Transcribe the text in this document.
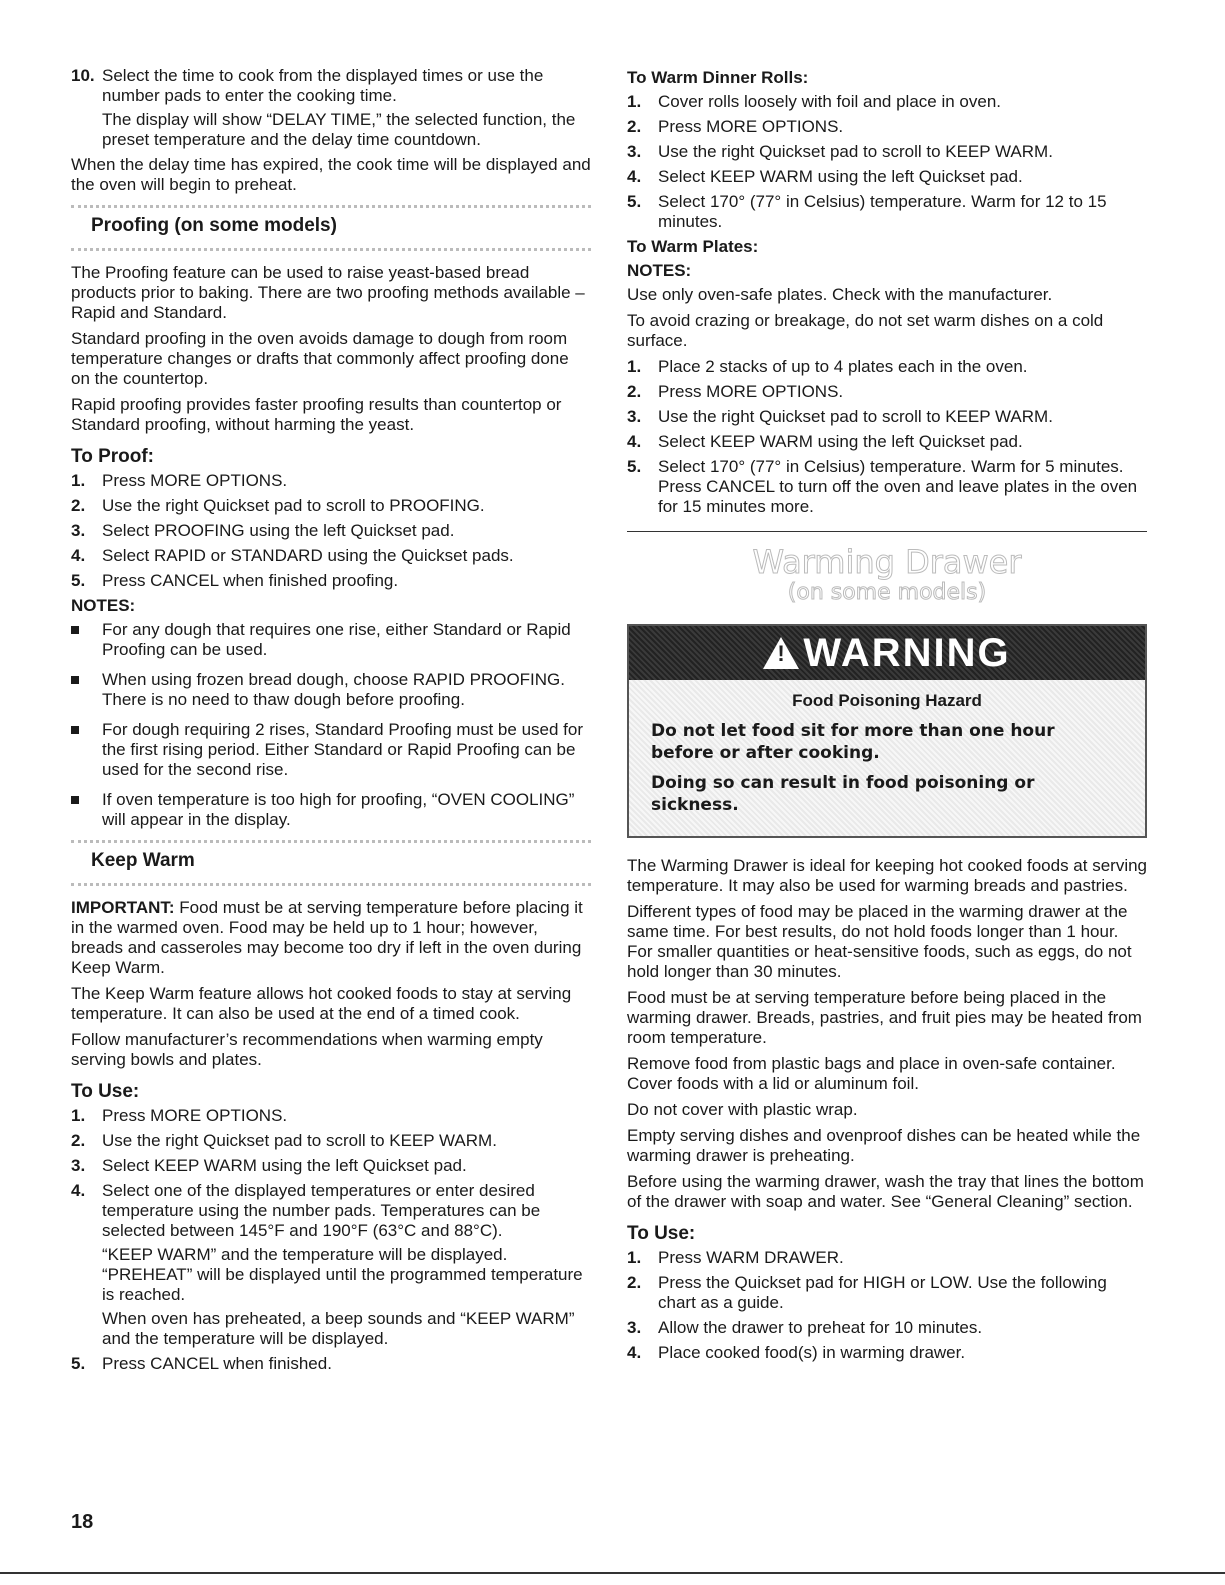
10. Select the time to cook from the displayed times or use the number pads to enter the cooking time.

The display will show “DELAY TIME,” the selected function, the preset temperature and the delay time countdown.

When the delay time has expired, the cook time will be displayed and the oven will begin to preheat.

Proofing (on some models)

The Proofing feature can be used to raise yeast-based bread products prior to baking. There are two proofing methods available – Rapid and Standard.

Standard proofing in the oven avoids damage to dough from room temperature changes or drafts that commonly affect proofing done on the countertop.

Rapid proofing provides faster proofing results than countertop or Standard proofing, without harming the yeast.

To Proof:
1. Press MORE OPTIONS.
2. Use the right Quickset pad to scroll to PROOFING.
3. Select PROOFING using the left Quickset pad.
4. Select RAPID or STANDARD using the Quickset pads.
5. Press CANCEL when finished proofing.
NOTES:
For any dough that requires one rise, either Standard or Rapid Proofing can be used.
When using frozen bread dough, choose RAPID PROOFING. There is no need to thaw dough before proofing.
For dough requiring 2 rises, Standard Proofing must be used for the first rising period. Either Standard or Rapid Proofing can be used for the second rise.
If oven temperature is too high for proofing, “OVEN COOLING” will appear in the display.
Keep Warm

IMPORTANT: Food must be at serving temperature before placing it in the warmed oven. Food may be held up to 1 hour; however, breads and casseroles may become too dry if left in the oven during Keep Warm.

The Keep Warm feature allows hot cooked foods to stay at serving temperature. It can also be used at the end of a timed cook.

Follow manufacturer’s recommendations when warming empty serving bowls and plates.

To Use:
1. Press MORE OPTIONS.
2. Use the right Quickset pad to scroll to KEEP WARM.
3. Select KEEP WARM using the left Quickset pad.
4. Select one of the displayed temperatures or enter desired temperature using the number pads. Temperatures can be selected between 145°F and 190°F (63°C and 88°C).

“KEEP WARM” and the temperature will be displayed. “PREHEAT” will be displayed until the programmed temperature is reached.

When oven has preheated, a beep sounds and “KEEP WARM” and the temperature will be displayed.

5. Press CANCEL when finished.
To Warm Dinner Rolls:
1. Cover rolls loosely with foil and place in oven.
2. Press MORE OPTIONS.
3. Use the right Quickset pad to scroll to KEEP WARM.
4. Select KEEP WARM using the left Quickset pad.
5. Select 170° (77° in Celsius) temperature. Warm for 12 to 15 minutes.
To Warm Plates:
NOTES:

Use only oven-safe plates. Check with the manufacturer.

To avoid crazing or breakage, do not set warm dishes on a cold surface.

1. Place 2 stacks of up to 4 plates each in the oven.
2. Press MORE OPTIONS.
3. Use the right Quickset pad to scroll to KEEP WARM.
4. Select KEEP WARM using the left Quickset pad.
5. Select 170° (77° in Celsius) temperature. Warm for 5 minutes. Press CANCEL to turn off the oven and leave plates in the oven for 15 minutes more.
Warming Drawer
(on some models)
!
WARNING
Food Poisoning Hazard

Do not let food sit for more than one hour before or after cooking.

Doing so can result in food poisoning or sickness.

The Warming Drawer is ideal for keeping hot cooked foods at serving temperature. It may also be used for warming breads and pastries.

Different types of food may be placed in the warming drawer at the same time. For best results, do not hold foods longer than 1 hour. For smaller quantities or heat-sensitive foods, such as eggs, do not hold longer than 30 minutes.

Food must be at serving temperature before being placed in the warming drawer. Breads, pastries, and fruit pies may be heated from room temperature.

Remove food from plastic bags and place in oven-safe container. Cover foods with a lid or aluminum foil.

Do not cover with plastic wrap.

Empty serving dishes and ovenproof dishes can be heated while the warming drawer is preheating.

Before using the warming drawer, wash the tray that lines the bottom of the drawer with soap and water. See “General Cleaning” section.

To Use:
1. Press WARM DRAWER.
2. Press the Quickset pad for HIGH or LOW. Use the following chart as a guide.
3. Allow the drawer to preheat for 10 minutes.
4. Place cooked food(s) in warming drawer.
18
